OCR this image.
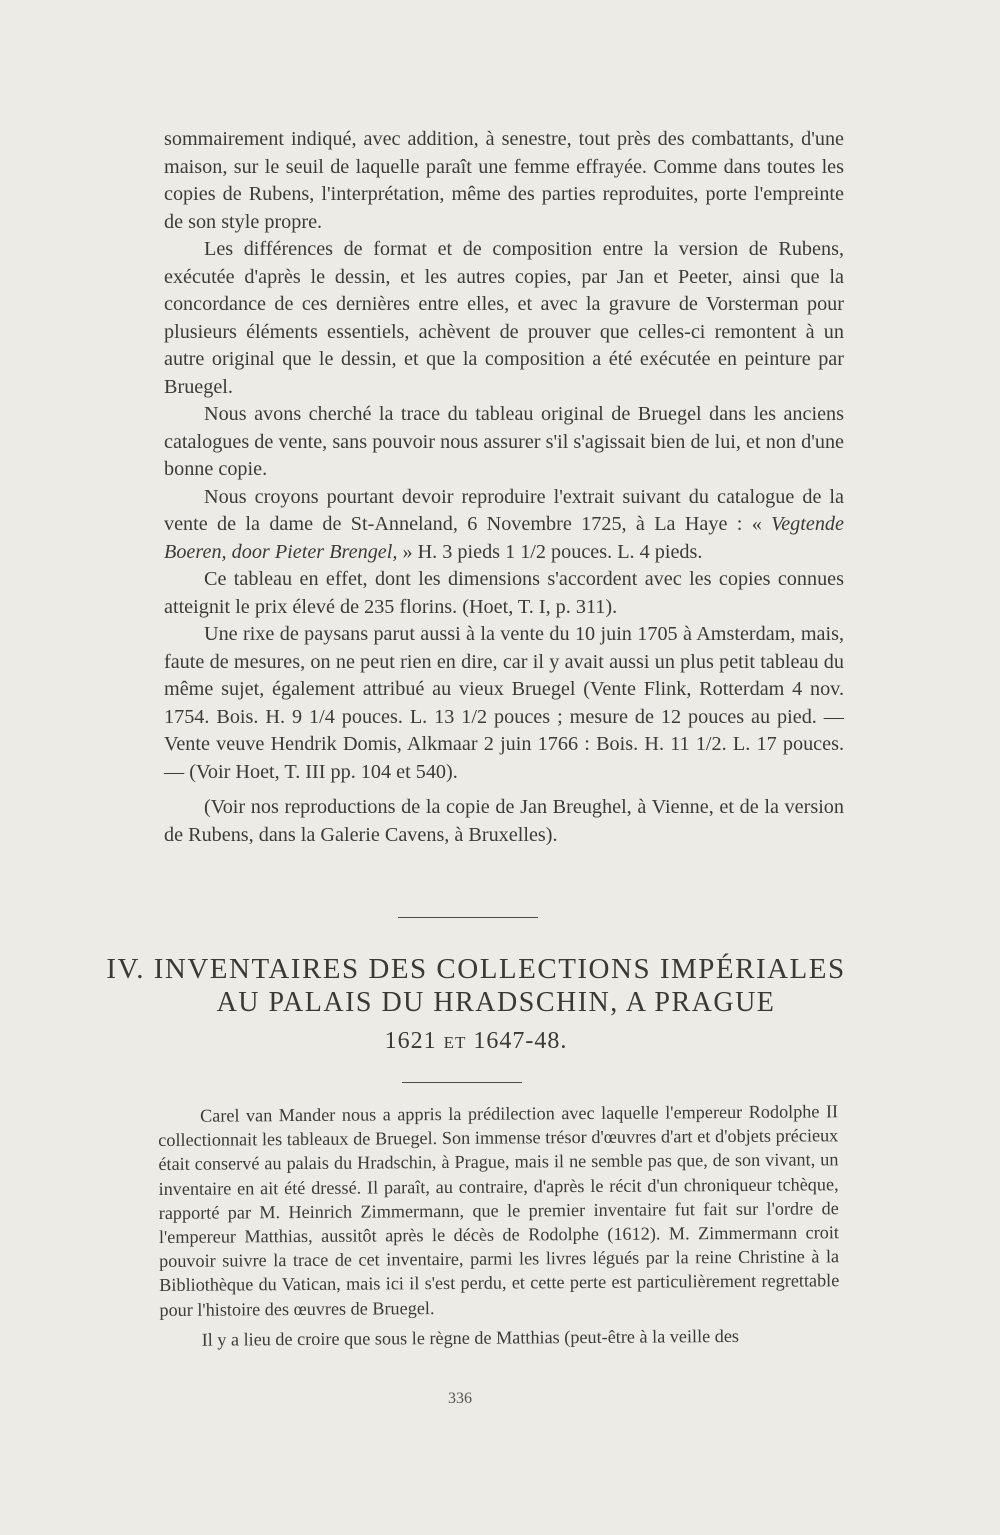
sommairement indiqué, avec addition, à senestre, tout près des combattants, d'une maison, sur le seuil de laquelle paraît une femme effrayée. Comme dans toutes les copies de Rubens, l'interprétation, même des parties reproduites, porte l'empreinte de son style propre.

Les différences de format et de composition entre la version de Rubens, exécutée d'après le dessin, et les autres copies, par Jan et Peeter, ainsi que la concordance de ces dernières entre elles, et avec la gravure de Vorsterman pour plusieurs éléments essentiels, achèvent de prouver que celles-ci remontent à un autre original que le dessin, et que la composition a été exécutée en peinture par Bruegel.

Nous avons cherché la trace du tableau original de Bruegel dans les anciens catalogues de vente, sans pouvoir nous assurer s'il s'agissait bien de lui, et non d'une bonne copie.

Nous croyons pourtant devoir reproduire l'extrait suivant du catalogue de la vente de la dame de St-Anneland, 6 Novembre 1725, à La Haye : « Vegtende Boeren, door Pieter Brengel, » H. 3 pieds 1 1/2 pouces. L. 4 pieds.

Ce tableau en effet, dont les dimensions s'accordent avec les copies connues atteignit le prix élevé de 235 florins. (Hoet, T. I, p. 311).

Une rixe de paysans parut aussi à la vente du 10 juin 1705 à Amsterdam, mais, faute de mesures, on ne peut rien en dire, car il y avait aussi un plus petit tableau du même sujet, également attribué au vieux Bruegel (Vente Flink, Rotterdam 4 nov. 1754. Bois. H. 9 1/4 pouces. L. 13 1/2 pouces ; mesure de 12 pouces au pied. — Vente veuve Hendrik Domis, Alkmaar 2 juin 1766 : Bois. H. 11 1/2. L. 17 pouces. — (Voir Hoet, T. III pp. 104 et 540).

(Voir nos reproductions de la copie de Jan Breughel, à Vienne, et de la version de Rubens, dans la Galerie Cavens, à Bruxelles).

IV. INVENTAIRES DES COLLECTIONS IMPÉRIALES
AU PALAIS DU HRADSCHIN, A PRAGUE
1621 ET 1647-48.

Carel van Mander nous a appris la prédilection avec laquelle l'empereur Rodolphe II collectionnait les tableaux de Bruegel. Son immense trésor d'œuvres d'art et d'objets précieux était conservé au palais du Hradschin, à Prague, mais il ne semble pas que, de son vivant, un inventaire en ait été dressé. Il paraît, au contraire, d'après le récit d'un chroniqueur tchèque, rapporté par M. Heinrich Zimmermann, que le premier inventaire fut fait sur l'ordre de l'empereur Matthias, aussitôt après le décès de Rodolphe (1612). M. Zimmermann croit pouvoir suivre la trace de cet inventaire, parmi les livres légués par la reine Christine à la Bibliothèque du Vatican, mais ici il s'est perdu, et cette perte est particulièrement regrettable pour l'histoire des œuvres de Bruegel.

Il y a lieu de croire que sous le règne de Matthias (peut-être à la veille des

336
